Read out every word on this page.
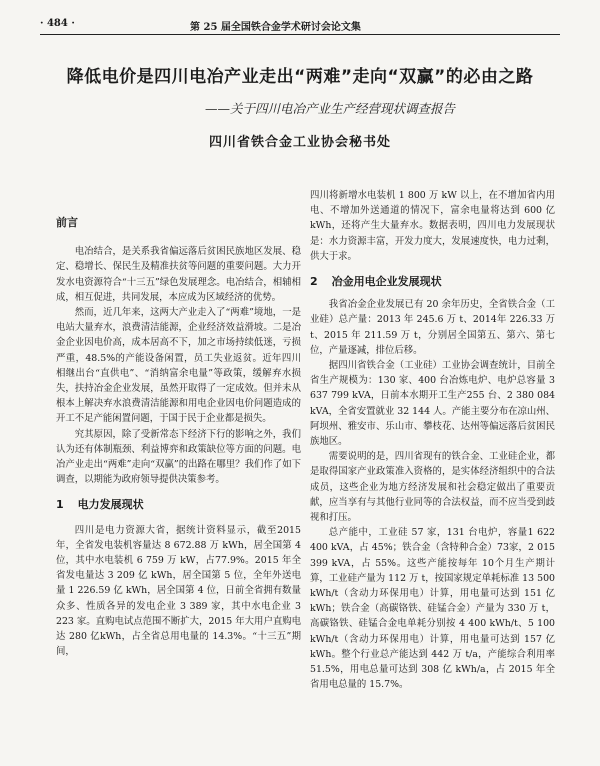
· 484 ·	第 25 届全国铁合金学术研讨会论文集
降低电价是四川电冶产业走出“两难”走向“双赢”的必由之路
——关于四川电冶产业生产经营现状调查报告
四川省铁合金工业协会秘书处
前言

电冶结合，是关系我省偏远落后贫困民族地区发展、稳定、稳增长、保民生及精准扶贫等问题的重要问题。大力开发水电资源符合“十三五”绿色发展理念。电冶结合，相辅相成，相互促进，共同发展，本应成为区域经济的优势。

然而，近几年来，这两大产业走入了“两难”境地，一是电站大量弃水，浪费清洁能源，企业经济效益滑坡。二是冶金企业因电价高，成本居高不下，加之市场持续低迷，亏损严重，48.5%的产能设备闲置，员工失业返贫。近年四川相继出台“直供电”、“消纳富余电量”等政策，缓解弃水损失，扶持冶金企业发展，虽然开取得了一定成效。但并未从根本上解决弃水浪费清洁能源和用电企业因电价问题造成的开工不足产能闲置问题，于国于民于企业都是损失。

究其原因，除了受新常态下经济下行的影响之外，我们认为还有体制瓶颈、利益博弈和政策缺位等方面的问题。电冶产业走出“两难”走向“双赢”的出路在哪里？我们作了如下调查，以期能为政府领导提供决策参考。

1 电力发展现状

四川是电力资源大省，据统计资料显示，截至2015 年，全省发电装机容量达 8 672.88 万 kWh，居全国第 4 位，其中水电装机 6 759 万 kW，占77.9%。2015 年全省发电量达 3 209 亿 kWh，居全国第 5 位，全年外送电量 1 226.59 亿 kWh，居全国第 4 位，日前全省拥有数量众多、性质各异的发电企业 3 389 家，其中水电企业 3 223 家。直购电试点范围不断扩大，2015 年大用户直购电达 280 亿kWh，占全省总用电量的 14.3%。“十三五”期间，

四川将新增水电装机 1 800 万 kW 以上，在不增加省内用电、不增加外送通道的情况下，富余电量将达到 600 亿 kWh，还将产生大量弃水。数据表明，四川电力发展现状是：水力资源丰富，开发力度大，发展速度快，电力过剩，供大于求。

2 冶金用电企业发展现状

我省冶金企业发展已有 20 余年历史，全省铁合金（工业硅）总产量：2013 年 245.6 万 t、2014年 226.33 万 t、2015 年 211.59 万 t，分别居全国第五、第六、第七位，产量逐减，排位后移。

据四川省铁合金（工业硅）工业协会调查统计，目前全省生产规模为：130 家、400 台冶炼电炉、电炉总容量 3 637 799 kVA，日前本水期开工生产255 台、2 380 084 kVA，全省安置就业 32 144 人。产能主要分布在凉山州、阿坝州、雅安市、乐山市、攀枝花、达州等偏远落后贫困民族地区。

需要说明的是，四川省现有的铁合金、工业硅企业，都是取得国家产业政策准入资格的，是实体经济组织中的合法成员，这些企业为地方经济发展和社会稳定做出了重要贡献，应当享有与其他行业同等的合法权益，而不应当受到歧视和打压。

总产能中，工业硅 57 家，131 台电炉，容量1 622 400 kVA，占 45%；铁合金（含特种合金）73家，2 015 399 kVA，占 55%。这些产能按每年 10个月生产期计算，工业硅产量为 112 万 t，按国家规定单耗标准 13 500 kWh/t（含动力环保用电）计算，用电量可达到 151 亿 kWh；铁合金（高碳铬铁、硅锰合金）产量为 330 万 t，高碳铬铁、硅锰合金电单耗分别按 4 400 kWh/t、5 100 kWh/t（含动力环保用电）计算，用电量可达到 157 亿 kWh。整个行业总产能达到 442 万 t/a，产能综合利用率 51.5%，用电总量可达到 308 亿 kWh/a，占 2015 年全省用电总量的 15.7%。
